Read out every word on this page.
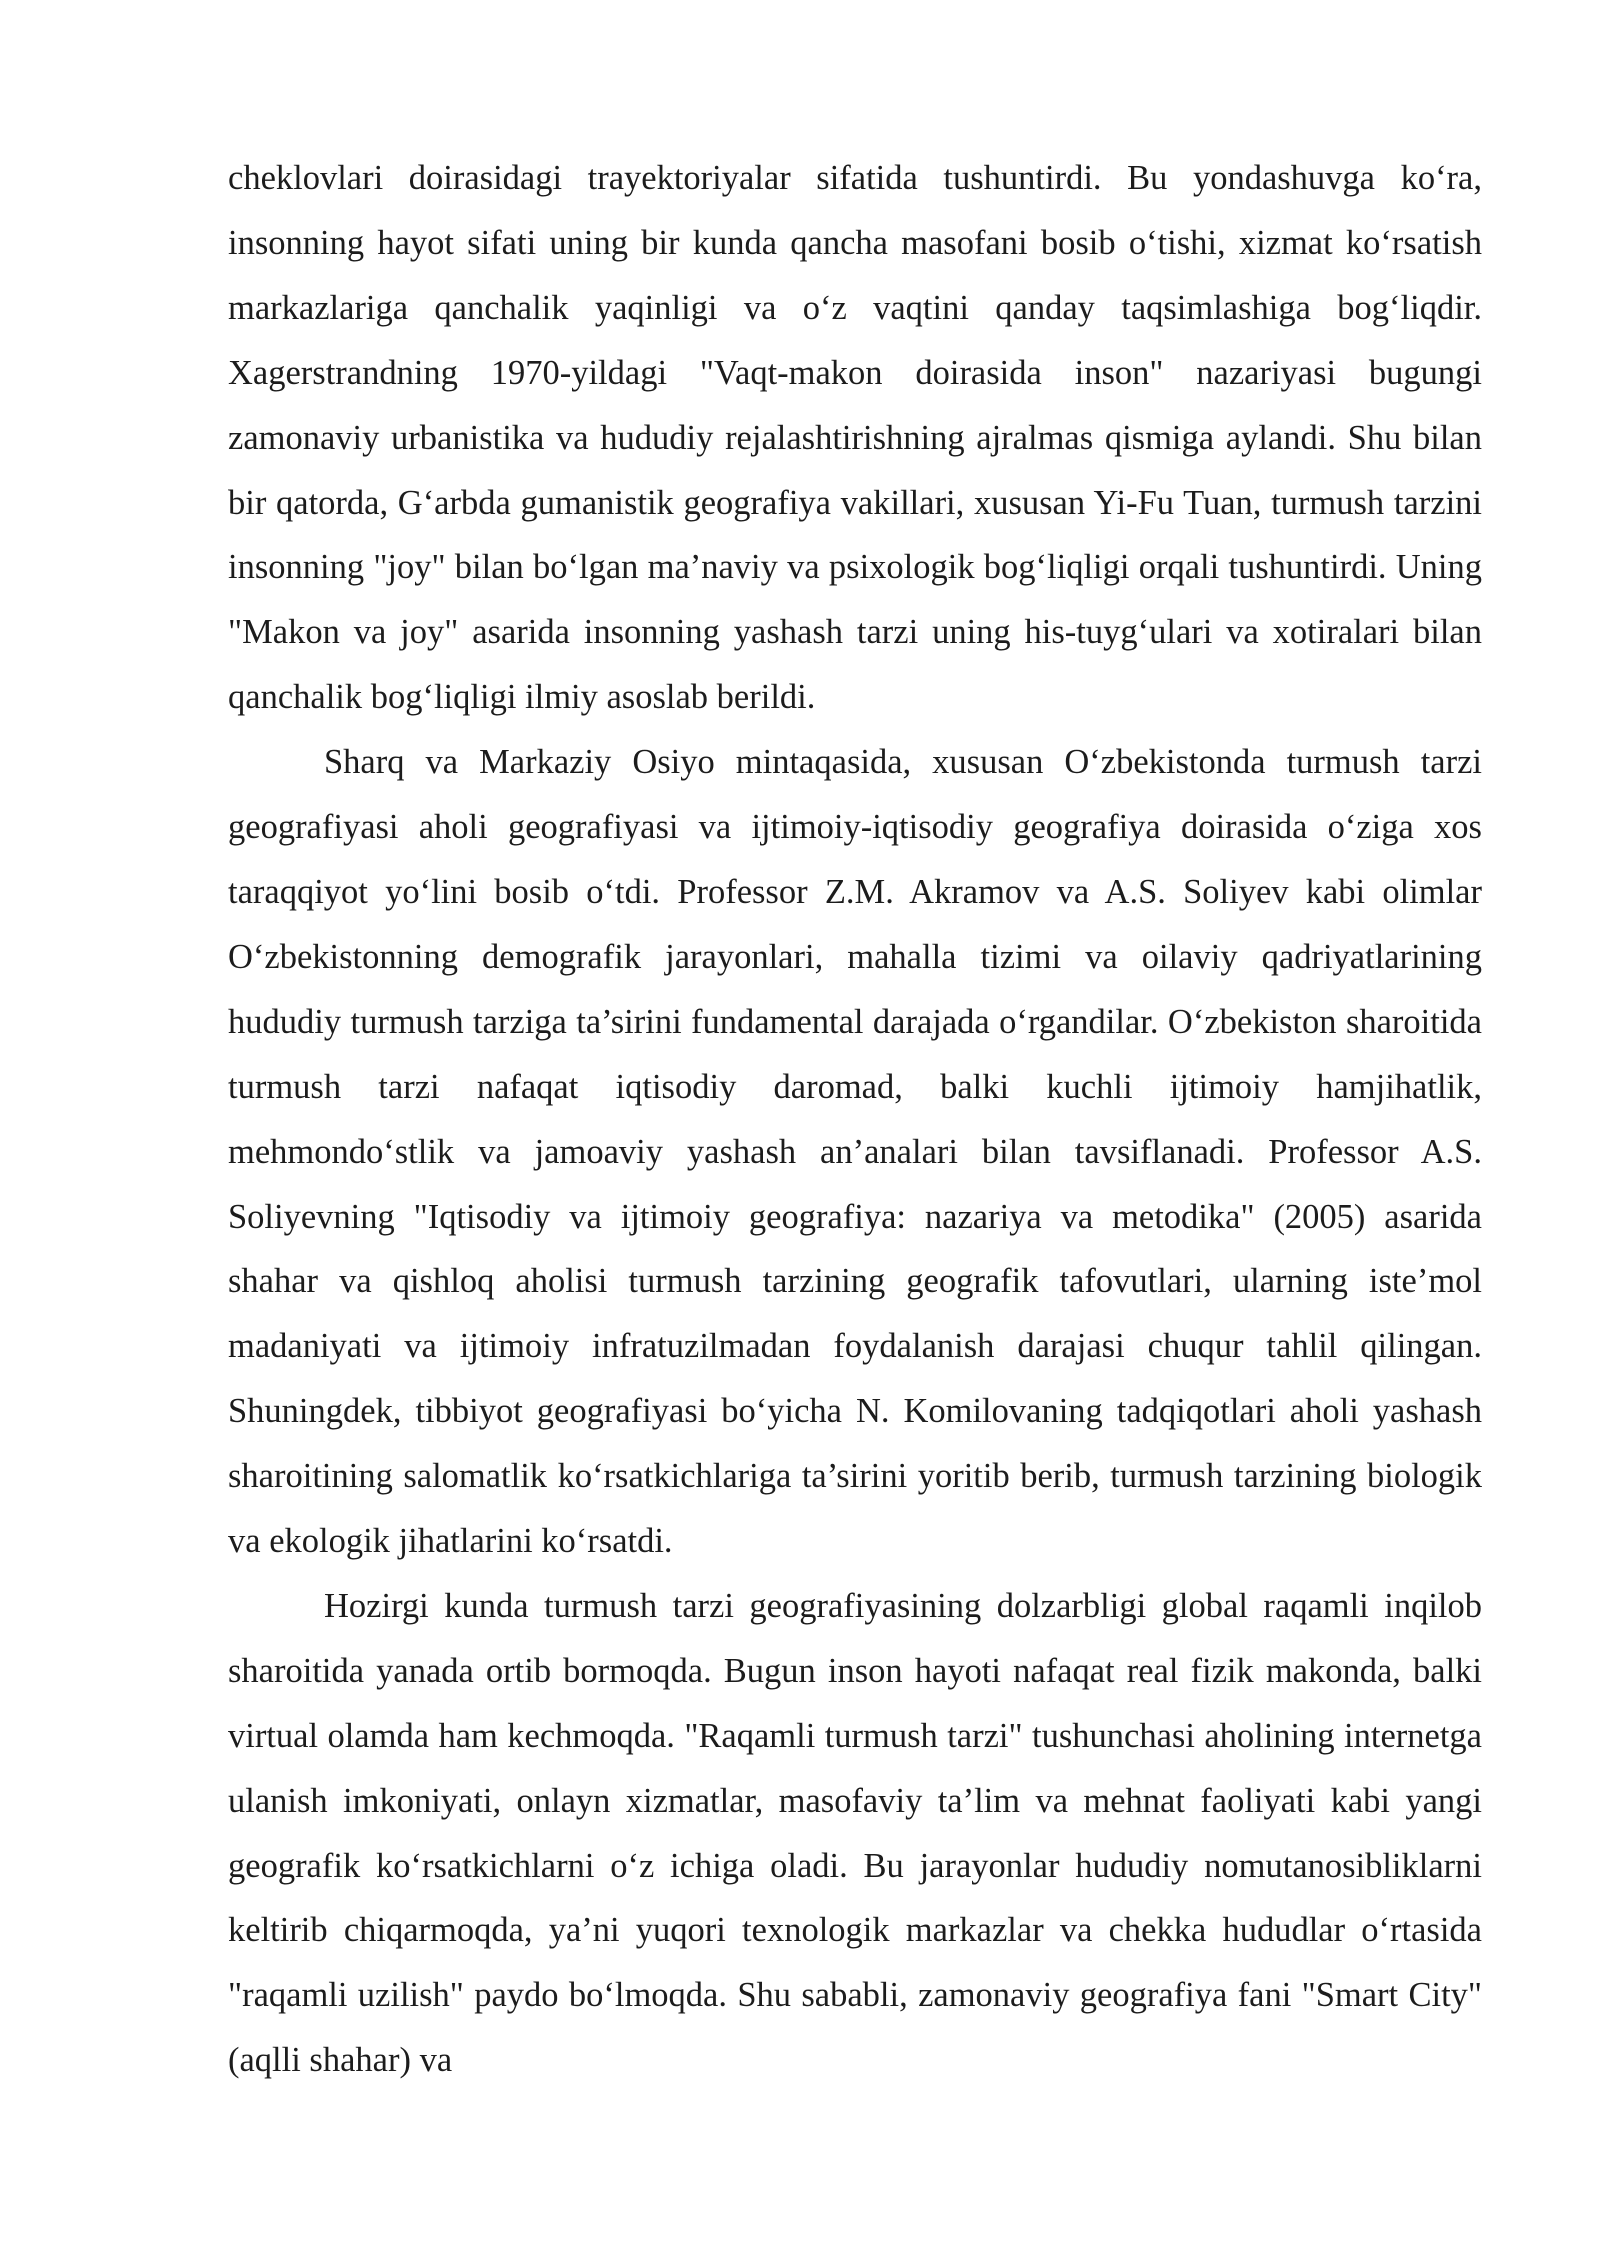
cheklovlari doirasidagi trayektoriyalar sifatida tushuntirdi. Bu yondashuvga ko‘ra, insonning hayot sifati uning bir kunda qancha masofani bosib o‘tishi, xizmat ko‘rsatish markazlariga qanchalik yaqinligi va o‘z vaqtini qanday taqsimlashiga bog‘liqdir. Xagerstrandning 1970-yildagi "Vaqt-makon doirasida inson" nazariyasi bugungi zamonaviy urbanistika va hududiy rejalashtirishning ajralmas qismiga aylandi. Shu bilan bir qatorda, G‘arbda gumanistik geografiya vakillari, xususan Yi-Fu Tuan, turmush tarzini insonning "joy" bilan bo‘lgan ma’naviy va psixologik bog‘liqligi orqali tushuntirdi. Uning "Makon va joy" asarida insonning yashash tarzi uning his-tuyg‘ulari va xotiralari bilan qanchalik bog‘liqligi ilmiy asoslab berildi.

Sharq va Markaziy Osiyo mintaqasida, xususan O‘zbekistonda turmush tarzi geografiyasi aholi geografiyasi va ijtimoiy-iqtisodiy geografiya doirasida o‘ziga xos taraqqiyot yo‘lini bosib o‘tdi. Professor Z.M. Akramov va A.S. Soliyev kabi olimlar O‘zbekistonning demografik jarayonlari, mahalla tizimi va oilaviy qadriyatlarining hududiy turmush tarziga ta’sirini fundamental darajada o‘rgandilar. O‘zbekiston sharoitida turmush tarzi nafaqat iqtisodiy daromad, balki kuchli ijtimoiy hamjihatlik, mehmondo‘stlik va jamoaviy yashash an’analari bilan tavsiflanadi. Professor A.S. Soliyevning "Iqtisodiy va ijtimoiy geografiya: nazariya va metodika" (2005) asarida shahar va qishloq aholisi turmush tarzining geografik tafovutlari, ularning iste’mol madaniyati va ijtimoiy infratuzilmadan foydalanish darajasi chuqur tahlil qilingan. Shuningdek, tibbiyot geografiyasi bo‘yicha N. Komilovaning tadqiqotlari aholi yashash sharoitining salomatlik ko‘rsatkichlariga ta’sirini yoritib berib, turmush tarzining biologik va ekologik jihatlarini ko‘rsatdi.

Hozirgi kunda turmush tarzi geografiyasining dolzarbligi global raqamli inqilob sharoitida yanada ortib bormoqda. Bugun inson hayoti nafaqat real fizik makonda, balki virtual olamda ham kechmoqda. "Raqamli turmush tarzi" tushunchasi aholining internetga ulanish imkoniyati, onlayn xizmatlar, masofaviy ta’lim va mehnat faoliyati kabi yangi geografik ko‘rsatkichlarni o‘z ichiga oladi. Bu jarayonlar hududiy nomutanosibliklarni keltirib chiqarmoqda, ya’ni yuqori texnologik markazlar va chekka hududlar o‘rtasida "raqamli uzilish" paydo bo‘lmoqda. Shu sababli, zamonaviy geografiya fani "Smart City" (aqlli shahar) va
